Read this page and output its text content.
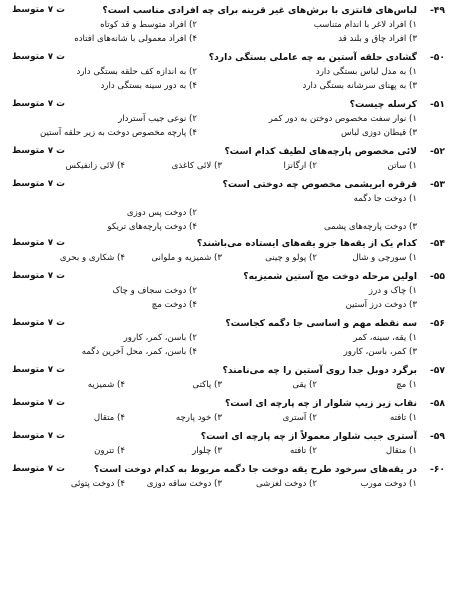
-۴۹
لباس‌های فانتزی با برش‌های غیر قرینه برای چه افرادی مناسب است؟
ت ۷ متوسط
۱) افراد لاغر با اندام متناسب
۲) افراد متوسط و قد کوتاه
۳) افراد چاق و بلند قد
۴) افراد معمولی با شانه‌های افتاده
-۵۰
گشادی حلقه آستین به چه عاملی بستگی دارد؟
ت ۷ متوسط
۱) به مدل لباس بستگی دارد
۲) به اندازه کف حلقه بستگی دارد
۳) به پهنای سرشانه بستگی دارد
۴) به دور سینه بستگی دارد
-۵۱
کرسله چیست؟
ت ۷ متوسط
۱) نوار سفت مخصوص دوختن به دور کمر
۲) نوعی جیب آستردار
۳) قیطان دوزی لباس
۴) پارچه مخصوص دوخت به زیر حلقه آستین
-۵۲
لائی مخصوص پارچه‌های لطیف کدام است؟
ت ۷ متوسط
۱) ساتن
۲) ارگانزا
۳) لائی کاغذی
۴) لائی زانفیکس
-۵۳
قرقره ابریشمی مخصوص چه دوختی است؟
ت ۷ متوسط
۱) دوخت جا دگمه
۲) دوخت پس دوزی
۳) دوخت پارچه‌های پشمی
۴) دوخت پارچه‌های تریکو
-۵۴
کدام یک از یقه‌ها جزو یقه‌های ایستاده می‌باشند؟
ت ۷ متوسط
۱) سورچی و شال
۲) پولو و چینی
۳) شمیزیه و ملوانی
۴) شکاری و بحری
-۵۵
اولین مرحله دوخت مچ آستین شمیزیه؟
ت ۷ متوسط
۱) چاک و درز
۲) دوخت سجاف و چاک
۳) دوخت درز آستین
۴) دوخت مچ
-۵۶
سه نقطه مهم و اساسی جا دگمه کجاست؟
ت ۷ متوسط
۱) یقه، سینه، کمر
۲) باسن، کمر، کارور
۳) کمر، باسن، کارور
۴) باسن، کمر، محل آخرین دگمه
-۵۷
برگرد دوبل جدا روی آستین را چه می‌نامند؟
ت ۷ متوسط
۱) مچ
۲) یقی
۳) پاکتی
۴) شمیزیه
-۵۸
نقاب زیر زیپ شلوار از چه پارچه ای است؟
ت ۷ متوسط
۱) تافته
۲) آستری
۳) خود پارچه
۴) متقال
-۵۹
آستری جیب شلوار معمولاً از چه پارچه ای است؟
ت ۷ متوسط
۱) متقال
۲) تافته
۳) چلوار
۴) تترون
-۶۰
در یقه‌های سرخود طرح یقه دوخت جا دگمه مربوط به کدام دوخت است؟
ت ۷ متوسط
۱) دوخت مورب
۲) دوخت لغزشی
۳) دوخت ساقه دوزی
۴) دوخت پتوئی
